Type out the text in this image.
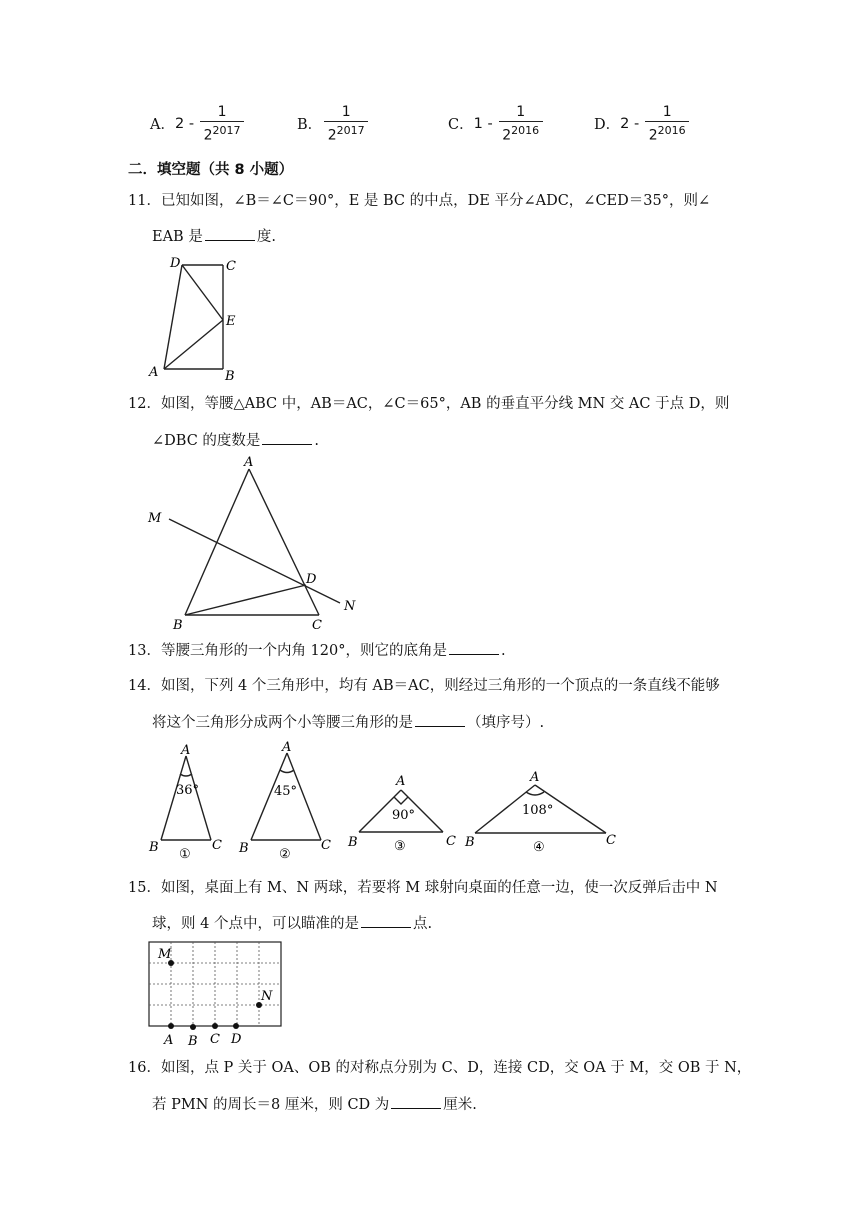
A． $2 - \frac{1}{2^{2017}}$	B． $\frac{1}{2^{2017}}$	C． $1 - \frac{1}{2^{2016}}$	D． $2 - \frac{1}{2^{2016}}$
二．填空题（共 8 小题）
11．已知如图，∠B＝∠C＝90°，E 是 BC 的中点，DE 平分∠ADC，∠CED＝35°，则∠
EAB 是	度.
D	C
E
A	B
12．如图，等腰△ABC 中，AB＝AC，∠C＝65°，AB 的垂直平分线 MN 交 AC 于点 D，则
∠DBC 的度数是	.
A
M
D
N
B	C
13．等腰三角形的一个内角 120°，则它的底角是	.
14．如图，下列 4 个三角形中，均有 AB＝AC，则经过三角形的一个顶点的一条直线不能够
将这个三角形分成两个小等腰三角形的是	（填序号）.
A
B	C
A
B	C
A
B	C
A
B	C
36°	45°
90°	108°
①	②
③	④
15．如图，桌面上有 M、N 两球，若要将 M 球射向桌面的任意一边，使一次反弹后击中 N
球，则 4 个点中，可以瞄准的是	点.
M
N
A B C D
16．如图，点 P 关于 OA、OB 的对称点分别为 C、D，连接 CD，交 OA 于 M，交 OB 于 N，
若 PMN 的周长＝8 厘米，则 CD 为	厘米.
